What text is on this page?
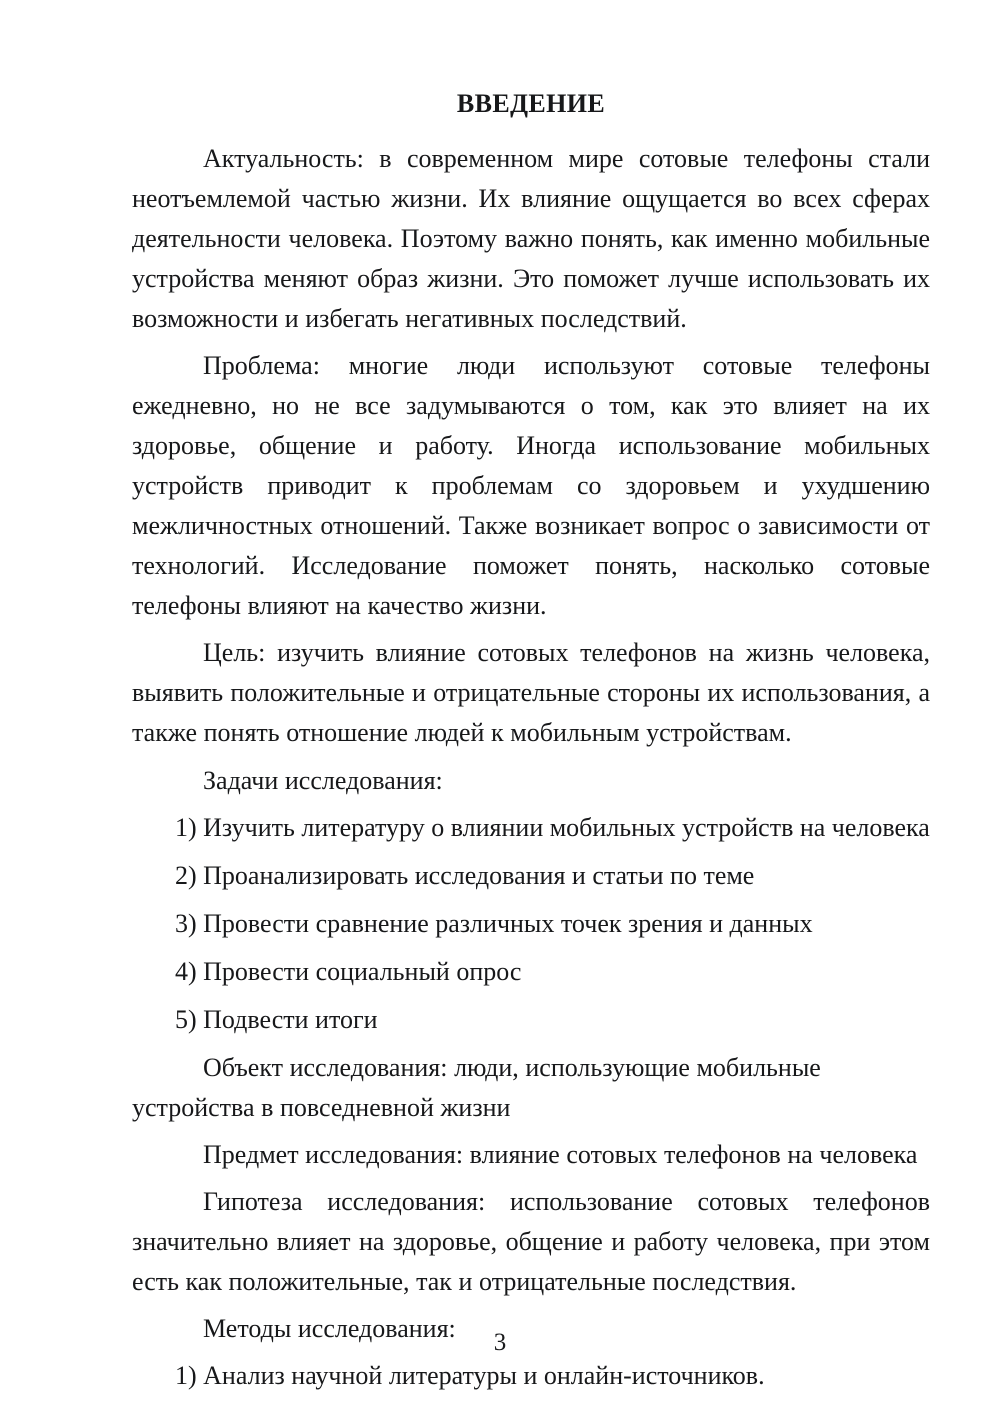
ВВЕДЕНИЕ

Актуальность: в современном мире сотовые телефоны стали неотъемлемой частью жизни. Их влияние ощущается во всех сферах деятельности человека. Поэтому важно понять, как именно мобильные устройства меняют образ жизни. Это поможет лучше использовать их возможности и избегать негативных последствий.

Проблема: многие люди используют сотовые телефоны ежедневно, но не все задумываются о том, как это влияет на их здоровье, общение и работу. Иногда использование мобильных устройств приводит к проблемам со здоровьем и ухудшению межличностных отношений. Также возникает вопрос о зависимости от технологий. Исследование поможет понять, насколько сотовые телефоны влияют на качество жизни.

Цель: изучить влияние сотовых телефонов на жизнь человека, выявить положительные и отрицательные стороны их использования, а также понять отношение людей к мобильным устройствам.

Задачи исследования:

1) Изучить литературу о влиянии мобильных устройств на человека
2) Проанализировать исследования и статьи по теме
3) Провести сравнение различных точек зрения и данных
4) Провести социальный опрос
5) Подвести итоги

Объект исследования: люди, использующие мобильные устройства в повседневной жизни

Предмет исследования: влияние сотовых телефонов на человека

Гипотеза исследования: использование сотовых телефонов значительно влияет на здоровье, общение и работу человека, при этом есть как положительные, так и отрицательные последствия.

Методы исследования:

1) Анализ научной литературы и онлайн-источников.
3
